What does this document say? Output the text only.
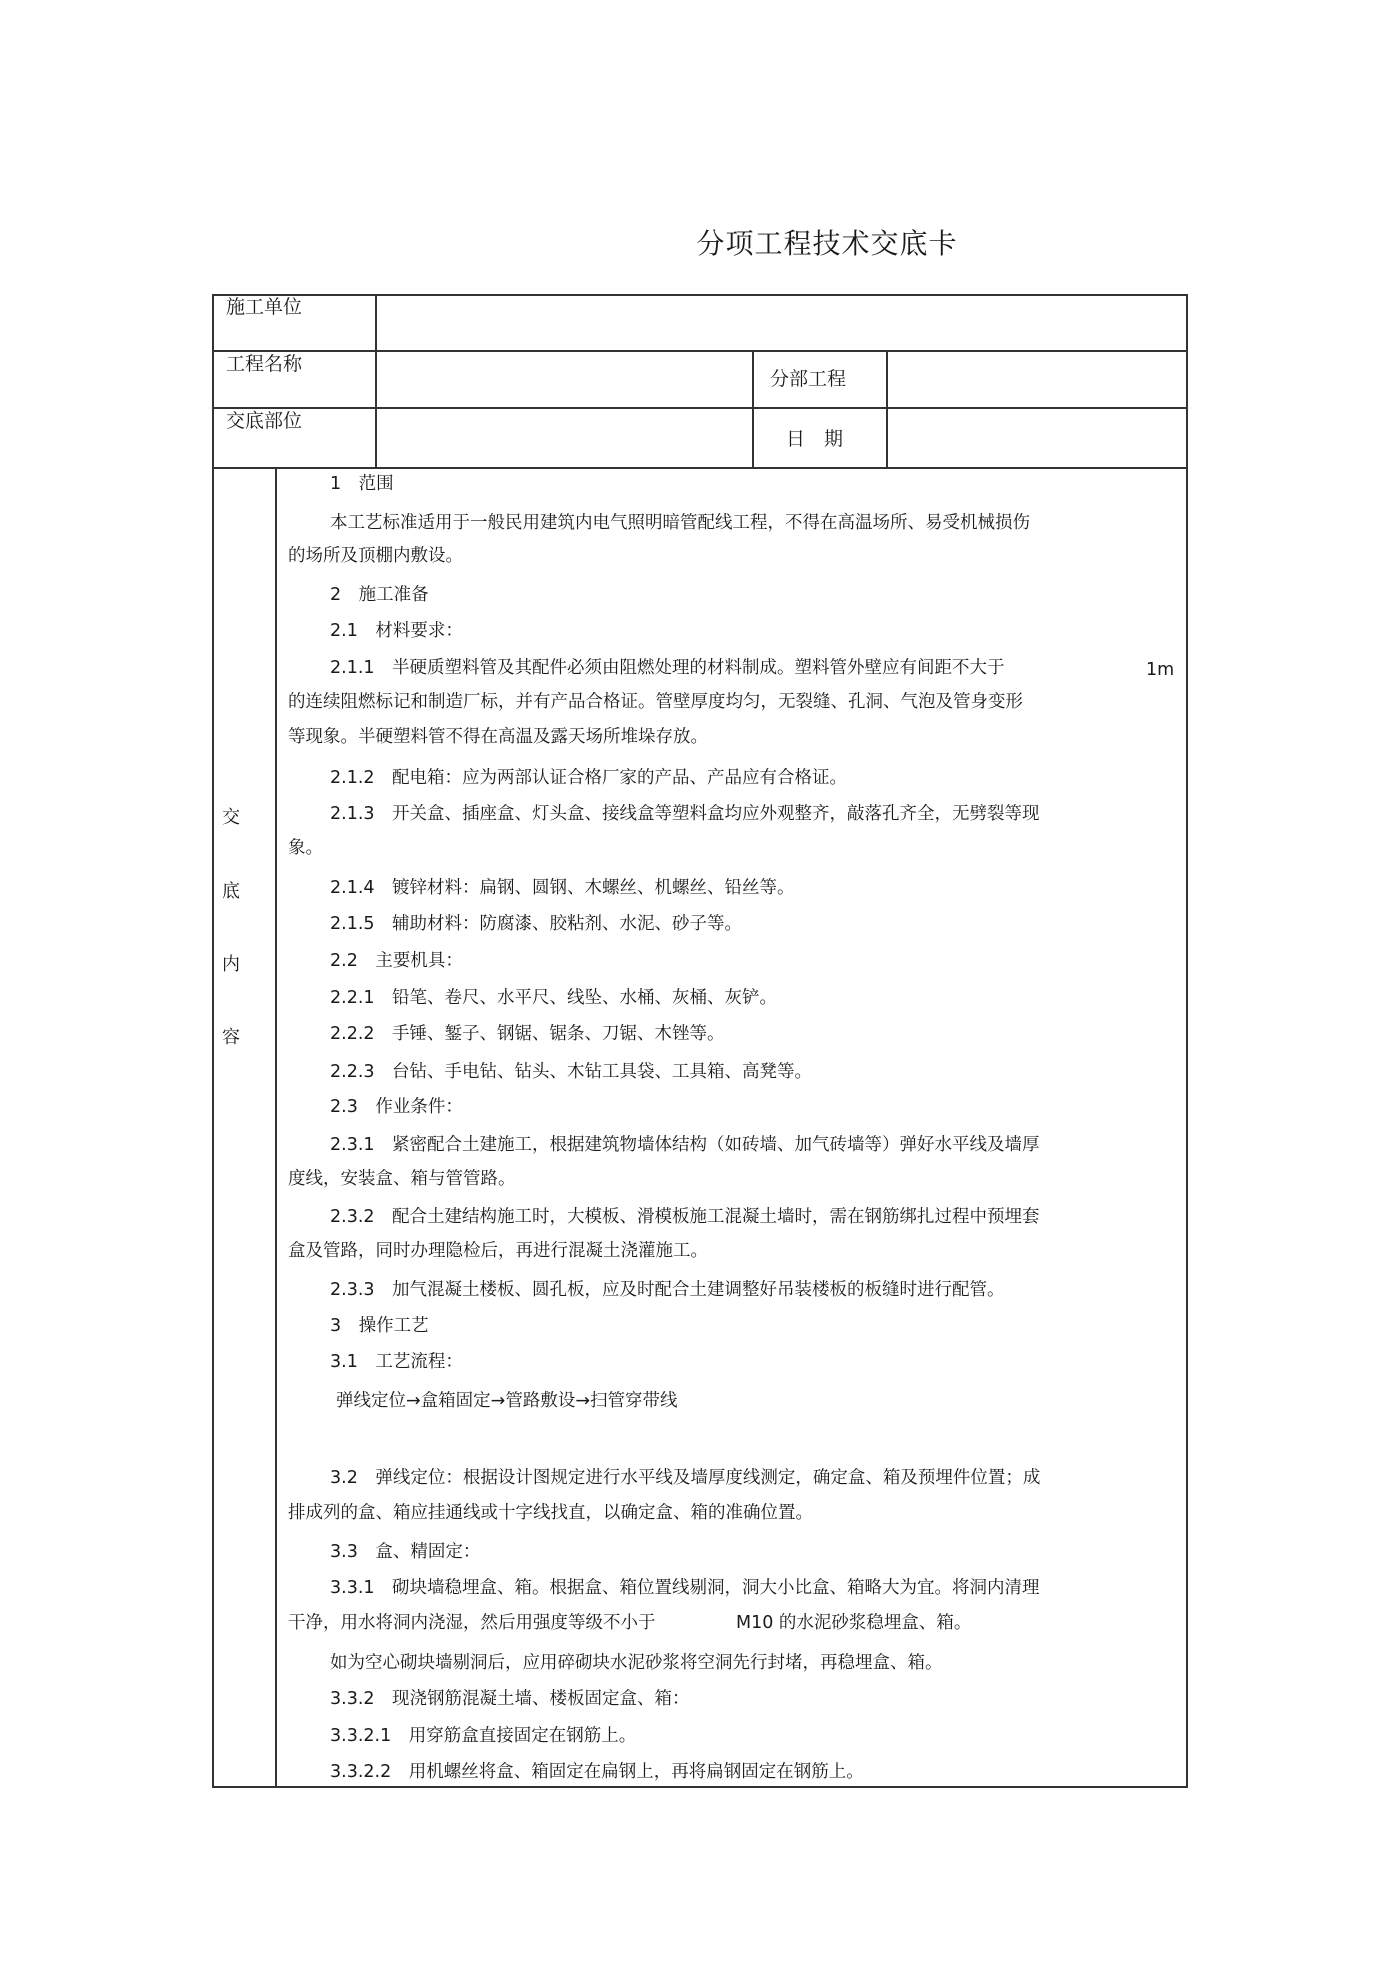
分项工程技术交底卡
施工单位
工程名称
分部工程
交底部位
日　期
交
底
内
容
1　范围
本工艺标准适用于一般民用建筑内电气照明暗管配线工程，不得在高温场所、易受机械损伤
的场所及顶棚内敷设。
2　施工准备
2.1　材料要求：
2.1.1　半硬质塑料管及其配件必须由阻燃处理的材料制成。塑料管外壁应有间距不大于	1m
的连续阻燃标记和制造厂标，并有产品合格证。管壁厚度均匀，无裂缝、孔洞、气泡及管身变形
等现象。半硬塑料管不得在高温及露天场所堆垛存放。
2.1.2　配电箱：应为两部认证合格厂家的产品、产品应有合格证。
2.1.3　开关盒、插座盒、灯头盒、接线盒等塑料盒均应外观整齐，敲落孔齐全，无劈裂等现
象。
2.1.4　镀锌材料：扁钢、圆钢、木螺丝、机螺丝、铅丝等。
2.1.5　辅助材料：防腐漆、胶粘剂、水泥、砂子等。
2.2　主要机具：
2.2.1　铅笔、卷尺、水平尺、线坠、水桶、灰桶、灰铲。
2.2.2　手锤、錾子、钢锯、锯条、刀锯、木锉等。
2.2.3　台钻、手电钻、钻头、木钻工具袋、工具箱、高凳等。
2.3　作业条件：
2.3.1　紧密配合土建施工，根据建筑物墙体结构（如砖墙、加气砖墙等）弹好水平线及墙厚
度线，安装盒、箱与管管路。
2.3.2　配合土建结构施工时，大模板、滑模板施工混凝土墙时，需在钢筋绑扎过程中预埋套
盒及管路，同时办理隐检后，再进行混凝土浇灌施工。
2.3.3　加气混凝土楼板、圆孔板，应及时配合土建调整好吊装楼板的板缝时进行配管。
3　操作工艺
3.1　工艺流程：
弹线定位→盒箱固定→管路敷设→扫管穿带线
3.2　弹线定位：根据设计图规定进行水平线及墙厚度线测定，确定盒、箱及预埋件位置；成
排成列的盒、箱应挂通线或十字线找直，以确定盒、箱的准确位置。
3.3　盒、精固定：
3.3.1　砌块墙稳埋盒、箱。根据盒、箱位置线剔洞，洞大小比盒、箱略大为宜。将洞内清理
干净，用水将洞内浇湿，然后用强度等级不小于	M10 的水泥砂浆稳埋盒、箱。
如为空心砌块墙剔洞后，应用碎砌块水泥砂浆将空洞先行封堵，再稳埋盒、箱。
3.3.2　现浇钢筋混凝土墙、楼板固定盒、箱：
3.3.2.1　用穿筋盒直接固定在钢筋上。
3.3.2.2　用机螺丝将盒、箱固定在扁钢上，再将扁钢固定在钢筋上。
